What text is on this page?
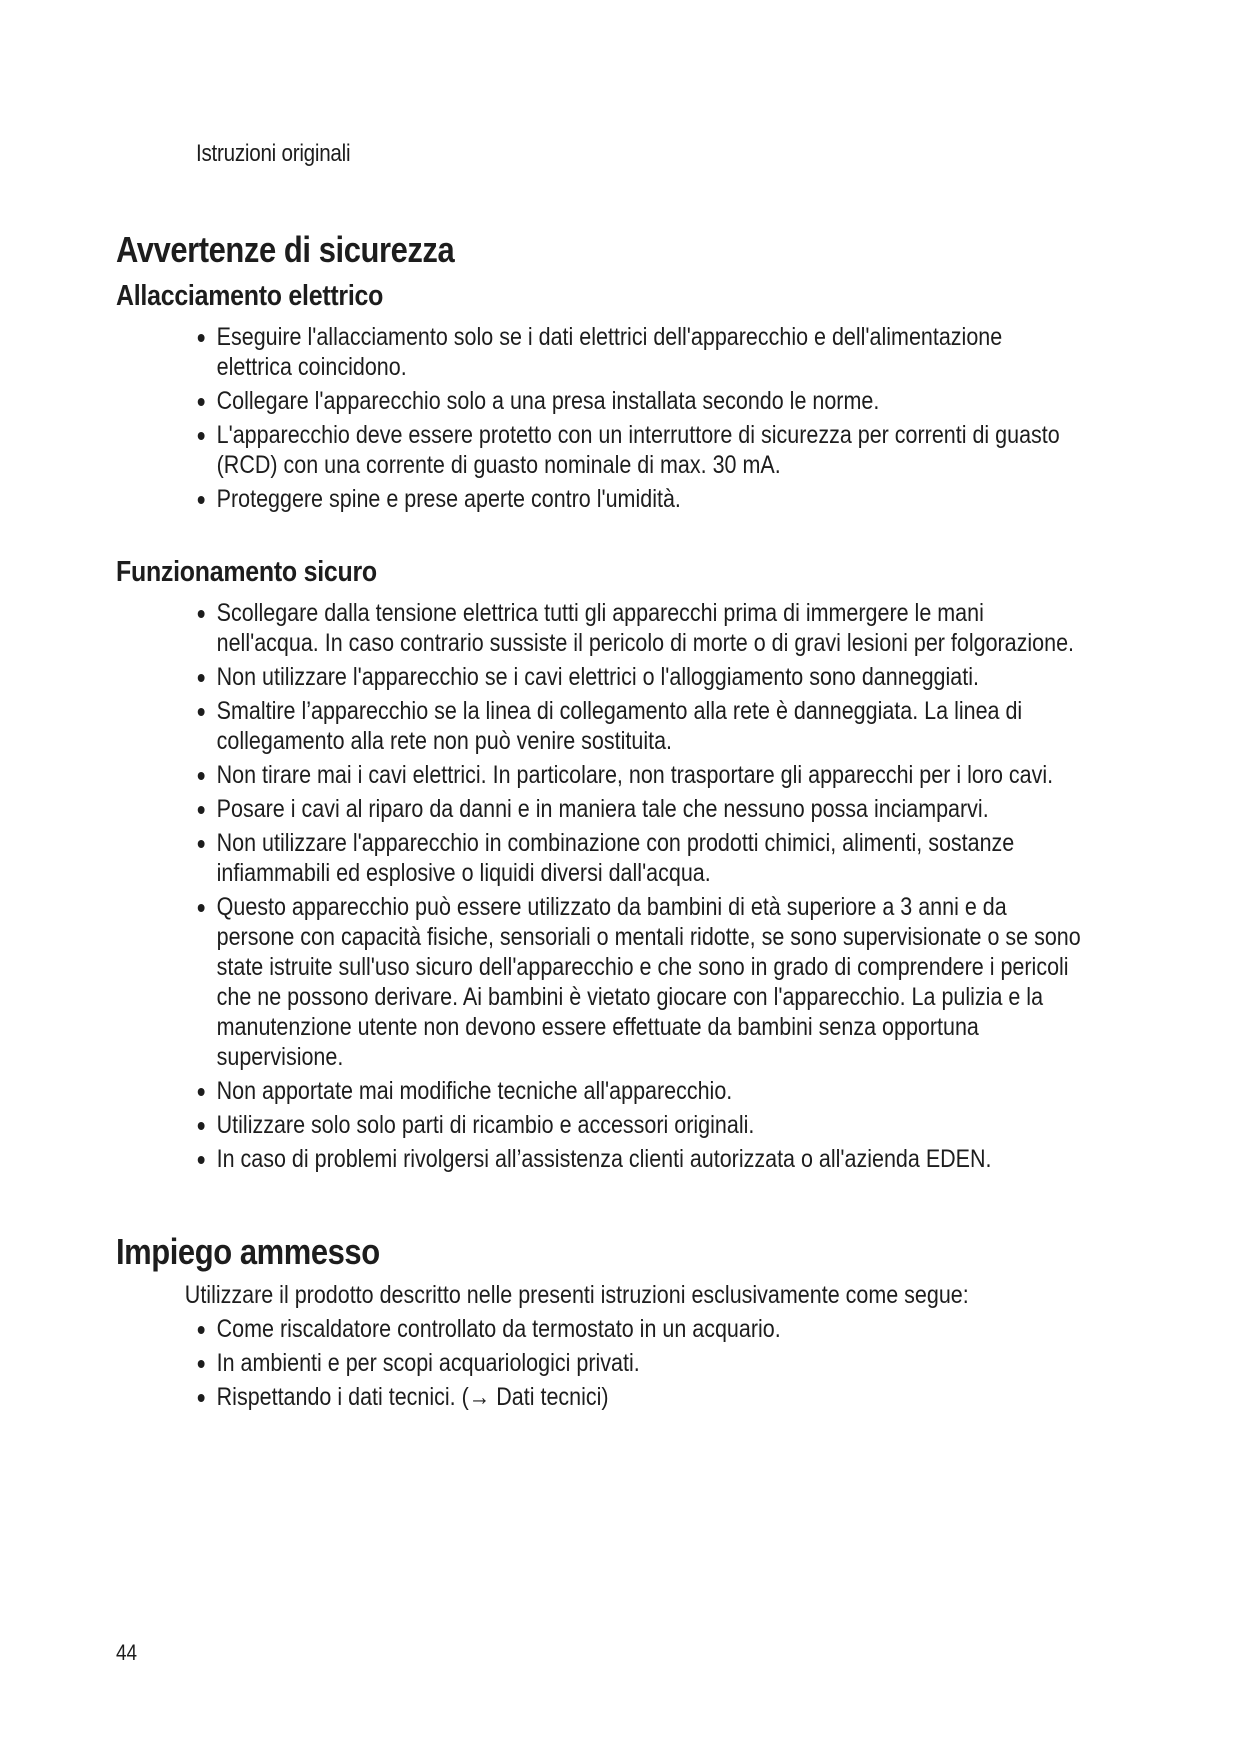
Istruzioni originali
Avvertenze di sicurezza
Allacciamento elettrico
Eseguire l'allacciamento solo se i dati elettrici dell'apparecchio e dell'alimentazione elettrica coincidono.
Collegare l'apparecchio solo a una presa installata secondo le norme.
L'apparecchio deve essere protetto con un interruttore di sicurezza per correnti di guasto (RCD) con una corrente di guasto nominale di max. 30 mA.
Proteggere spine e prese aperte contro l'umidità.
Funzionamento sicuro
Scollegare dalla tensione elettrica tutti gli apparecchi prima di immergere le mani nell'acqua. In caso contrario sussiste il pericolo di morte o di gravi lesioni per folgorazione.
Non utilizzare l'apparecchio se i cavi elettrici o l'alloggiamento sono danneggiati.
Smaltire l’apparecchio se la linea di collegamento alla rete è danneggiata. La linea di collegamento alla rete non può venire sostituita.
Non tirare mai i cavi elettrici. In particolare, non trasportare gli apparecchi per i loro cavi.
Posare i cavi al riparo da danni e in maniera tale che nessuno possa inciamparvi.
Non utilizzare l'apparecchio in combinazione con prodotti chimici, alimenti, sostanze infiammabili ed esplosive o liquidi diversi dall'acqua.
Questo apparecchio può essere utilizzato da bambini di età superiore a 3 anni e da persone con capacità fisiche, sensoriali o mentali ridotte, se sono supervisionate o se sono state istruite sull'uso sicuro dell'apparecchio e che sono in grado di comprendere i pericoli che ne possono derivare. Ai bambini è vietato giocare con l'apparecchio. La pulizia e la manutenzione utente non devono essere effettuate da bambini senza opportuna supervisione.
Non apportate mai modifiche tecniche all'apparecchio.
Utilizzare solo solo parti di ricambio e accessori originali.
In caso di problemi rivolgersi all’assistenza clienti autorizzata o all'azienda EDEN.
Impiego ammesso

Utilizzare il prodotto descritto nelle presenti istruzioni esclusivamente come segue:

Come riscaldatore controllato da termostato in un acquario.
In ambienti e per scopi acquariologici privati.
Rispettando i dati tecnici. (→ Dati tecnici)
44
